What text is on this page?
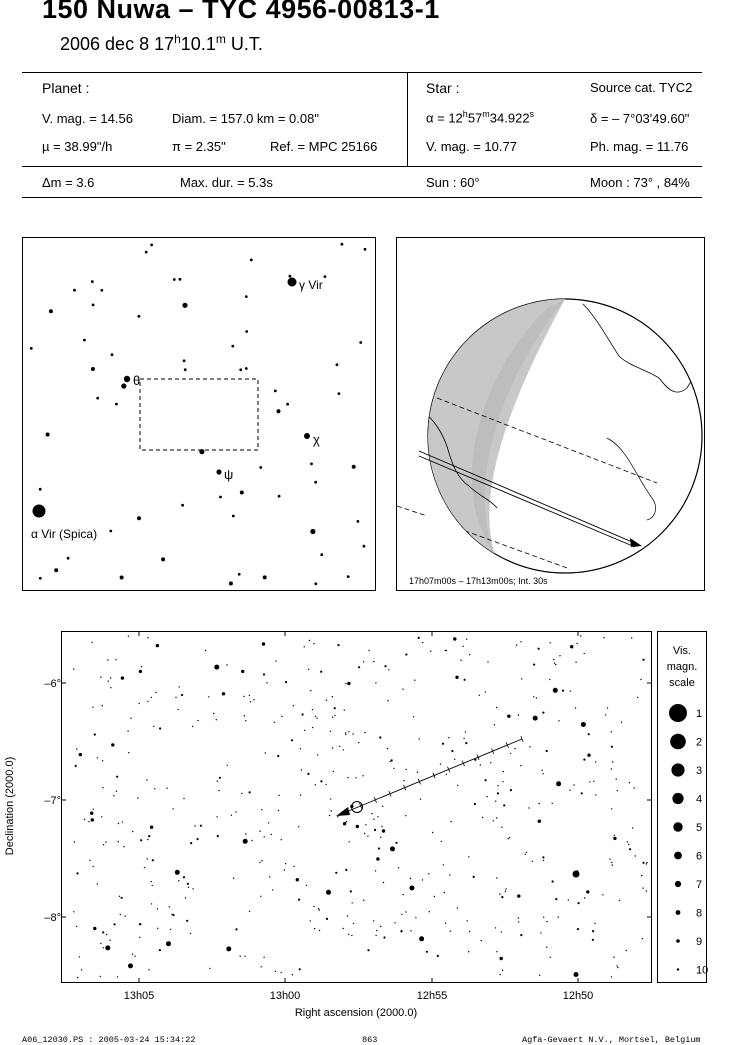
150 Nuwa – TYC 4956-00813-1
2006 dec 8 17$^h$10.1$^m$ U.T.
Planet :
V. mag. = 14.56	Diam. = 157.0 km = 0.08"
µ = 38.99"/h	π = 2.35"	Ref. = MPC 25166
Star :	Source cat. TYC2
$\alpha = 12^h57^m34.922^s$	δ = – 7°03'49.60"
V. mag. = 10.77	Ph. mag. = 11.76
Δm = 3.6	Max. dur. = 5.3s	Sun : 60°	Moon : 73° , 84%
γ Vir
θ
χ
ψ
α Vir (Spica)
17h07m00s – 17h13m00s; Int. 30s
–6°
–7°
–8°
13h05	13h00	12h55	12h50
Right ascension (2000.0)
Declination (2000.0)
Vis.
magn.
scale
1
2
3
4
5
6
7
8
9
10
A06_12030.PS : 2005-03-24 15:34:22	863	Agfa-Gevaert N.V., Mortsel, Belgium
